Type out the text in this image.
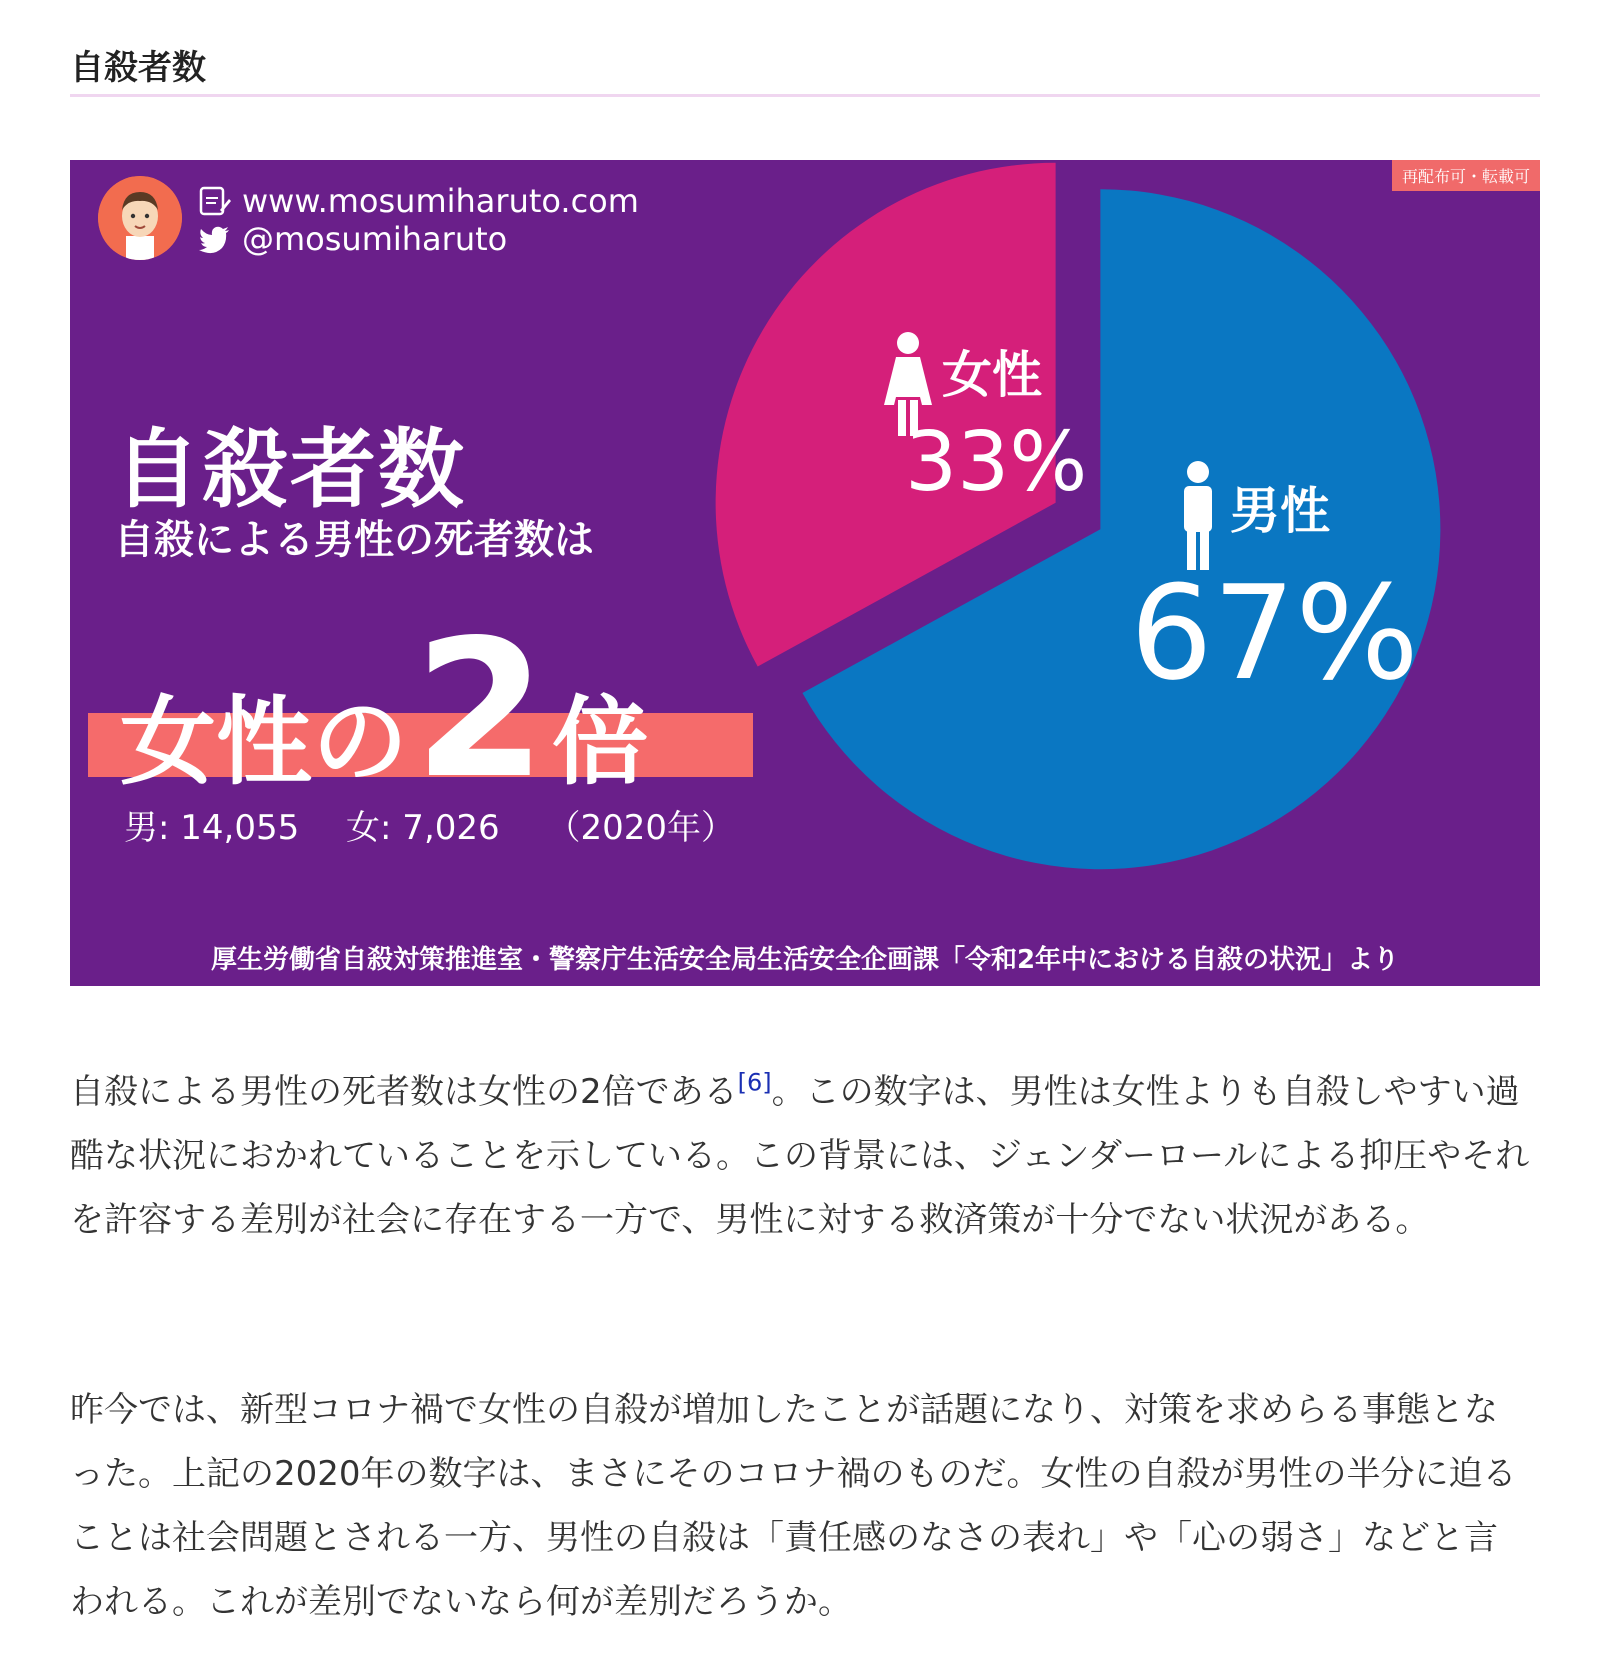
自殺者数
女性
33%
男性
67%
再配布可・転載可
www.mosumiharuto.com
@mosumiharuto
自殺者数
自殺による男性の死者数は
女性の2倍
男: 14,055 女: 7,026 （2020年）
厚生労働省自殺対策推進室・警察庁生活安全局生活安全企画課「令和2年中における自殺の状況」より

自殺による男性の死者数は女性の2倍である[6]。この数字は、男性は女性よりも自殺しやすい過酷な状況におかれていることを示している。この背景には、ジェンダーロールによる抑圧やそれを許容する差別が社会に存在する一方で、男性に対する救済策が十分でない状況がある。

昨今では、新型コロナ禍で女性の自殺が増加したことが話題になり、対策を求めらる事態となった。上記の2020年の数字は、まさにそのコロナ禍のものだ。女性の自殺が男性の半分に迫ることは社会問題とされる一方、男性の自殺は「責任感のなさの表れ」や「心の弱さ」などと言われる。これが差別でないなら何が差別だろうか。
